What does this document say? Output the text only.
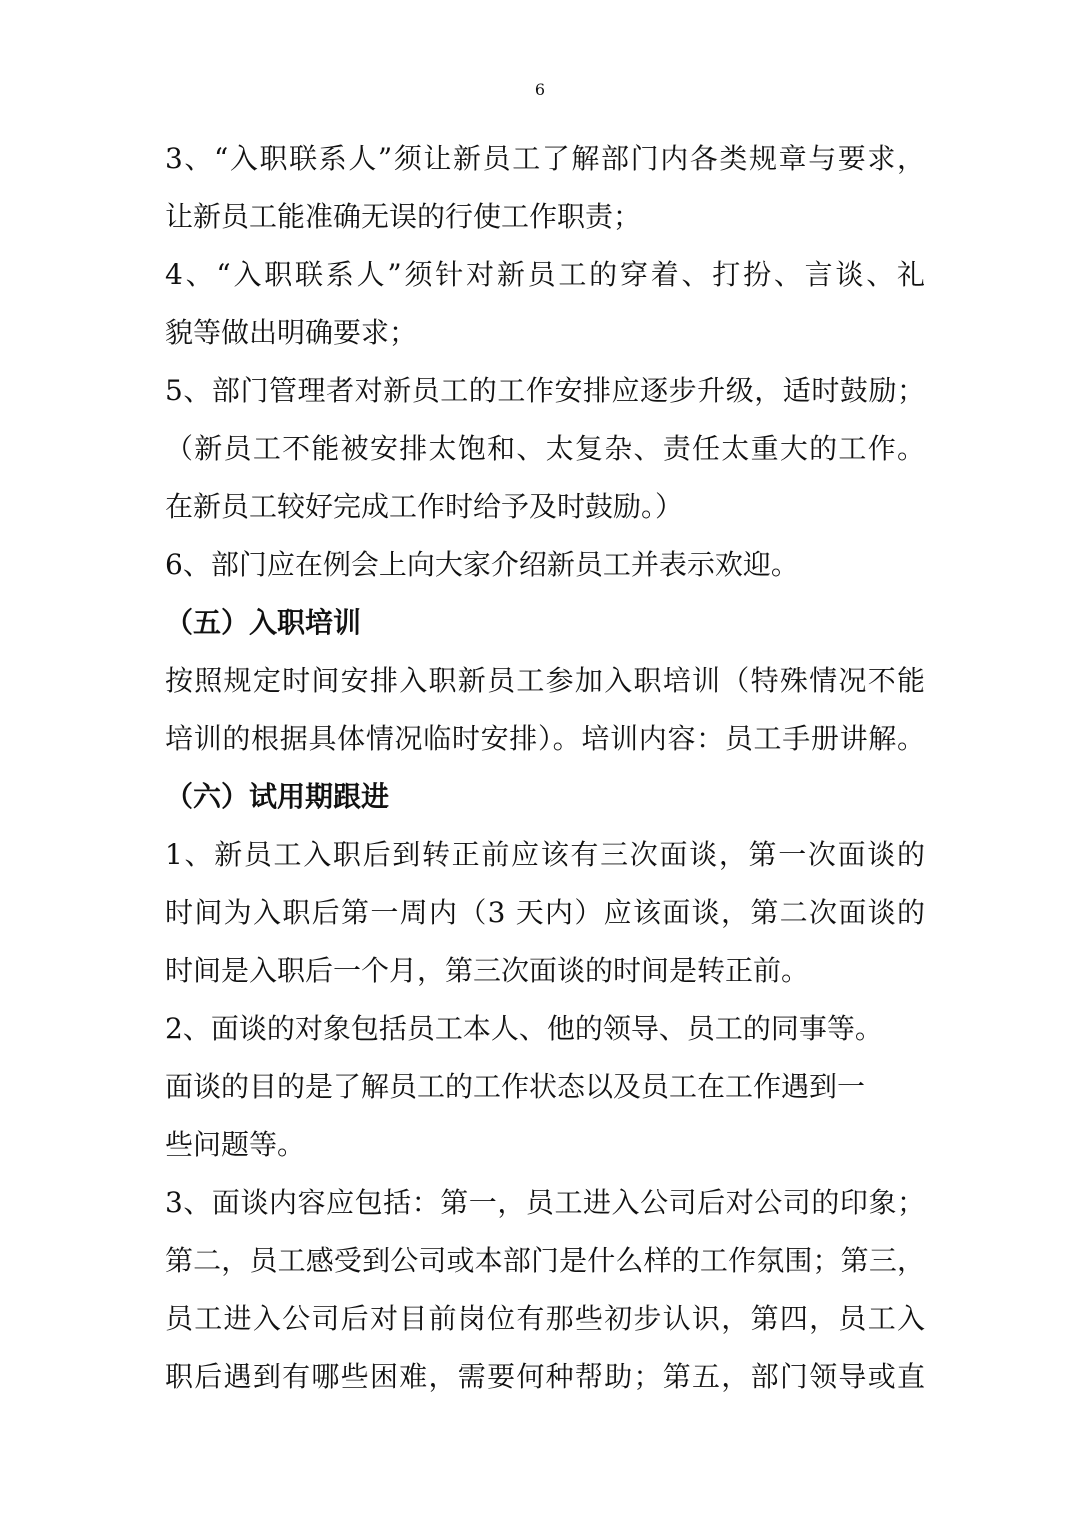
6
3、“入职联系人”须让新员工了解部门内各类规章与要求，
让新员工能准确无误的行使工作职责；
4、“入职联系人”须针对新员工的穿着、打扮、言谈、礼
貌等做出明确要求；
5、部门管理者对新员工的工作安排应逐步升级，适时鼓励；
（新员工不能被安排太饱和、太复杂、责任太重大的工作。
在新员工较好完成工作时给予及时鼓励。）
6、部门应在例会上向大家介绍新员工并表示欢迎。
（五）入职培训
按照规定时间安排入职新员工参加入职培训（特殊情况不能
培训的根据具体情况临时安排）。培训内容：员工手册讲解。
（六）试用期跟进
1、新员工入职后到转正前应该有三次面谈，第一次面谈的
时间为入职后第一周内（3 天内）应该面谈，第二次面谈的
时间是入职后一个月，第三次面谈的时间是转正前。
2、面谈的对象包括员工本人、他的领导、员工的同事等。
面谈的目的是了解员工的工作状态以及员工在工作遇到一
些问题等。
3、面谈内容应包括：第一，员工进入公司后对公司的印象；
第二，员工感受到公司或本部门是什么样的工作氛围；第三，
员工进入公司后对目前岗位有那些初步认识，第四，员工入
职后遇到有哪些困难，需要何种帮助；第五，部门领导或直
